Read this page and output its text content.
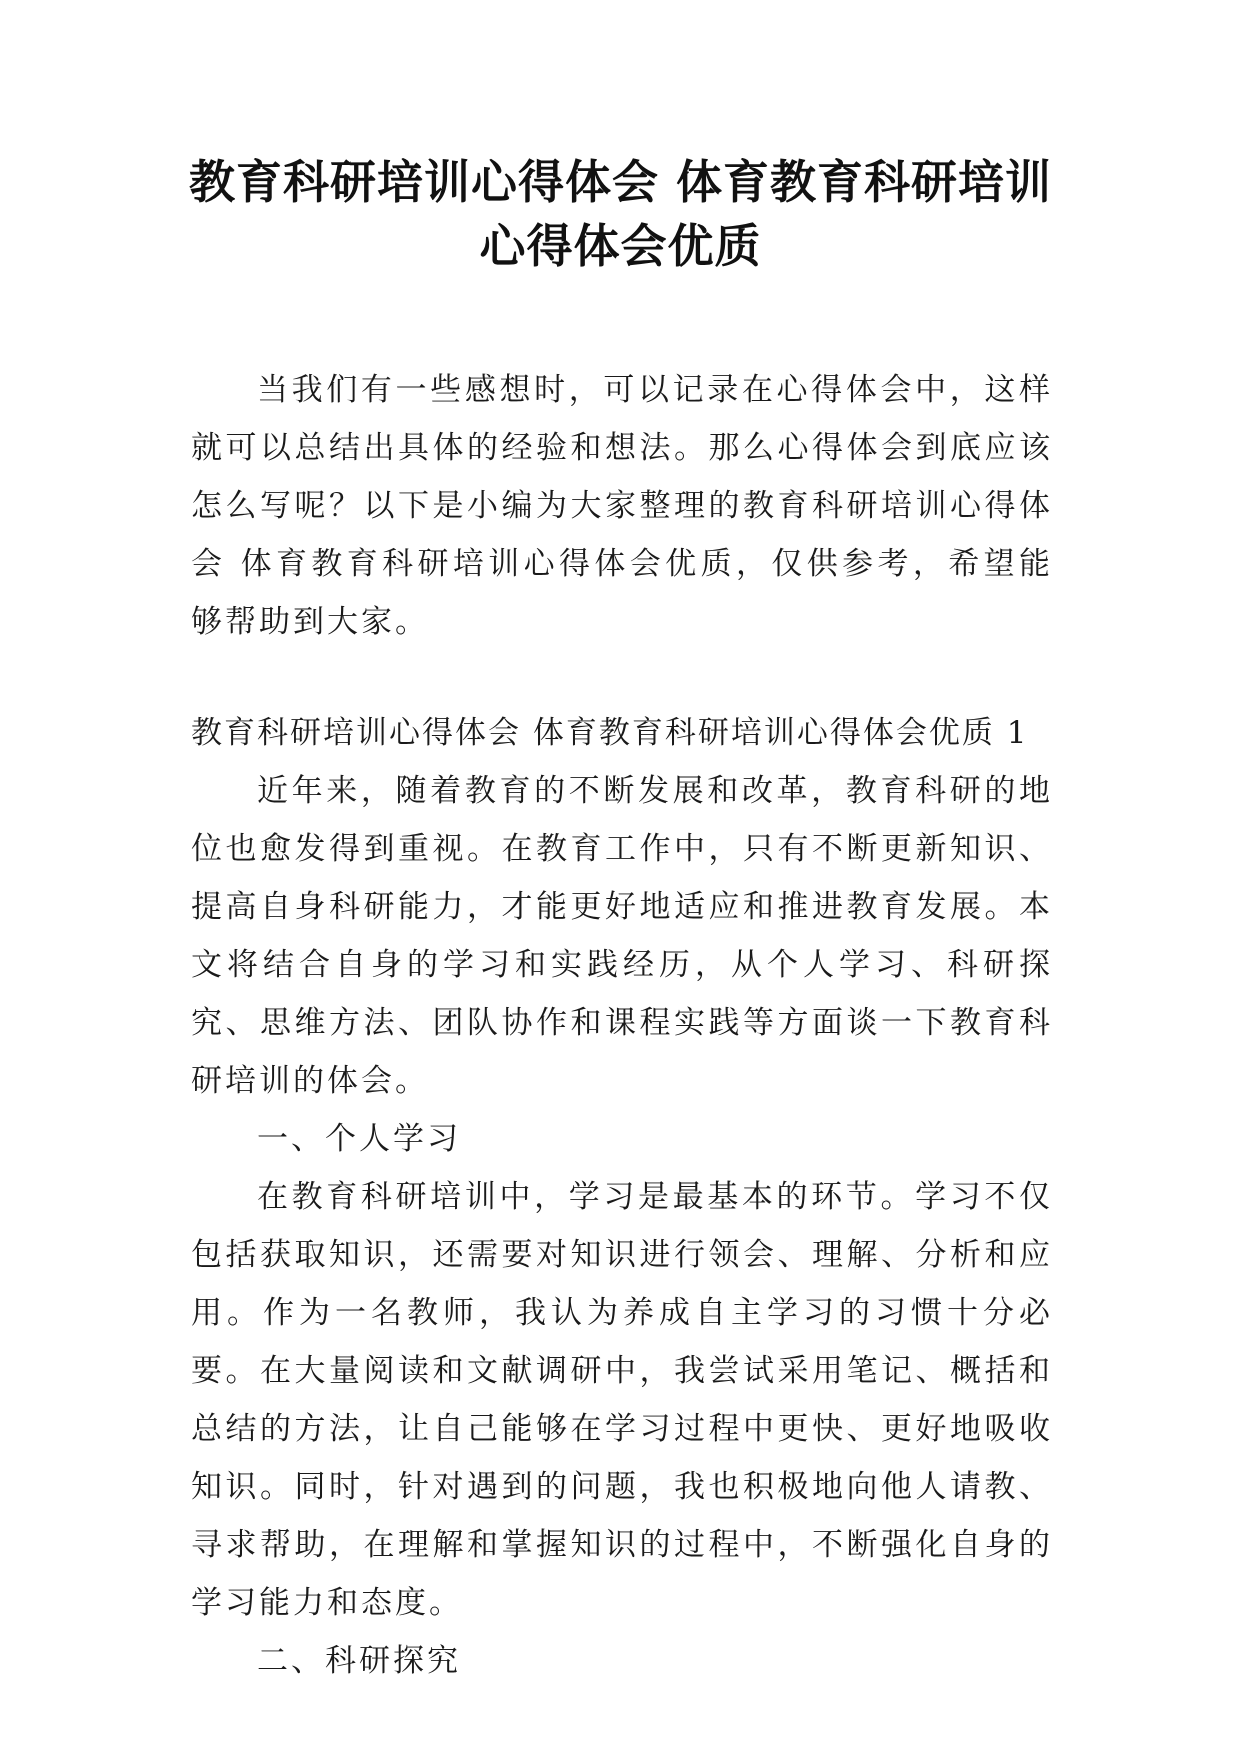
教育科研培训心得体会 体育教育科研培训
心得体会优质

当我们有一些感想时，可以记录在心得体会中，这样就可以总结出具体的经验和想法。那么心得体会到底应该怎么写呢？以下是小编为大家整理的教育科研培训心得体会 体育教育科研培训心得体会优质，仅供参考，希望能够帮助到大家。

教育科研培训心得体会 体育教育科研培训心得体会优质 1

近年来，随着教育的不断发展和改革，教育科研的地位也愈发得到重视。在教育工作中，只有不断更新知识、提高自身科研能力，才能更好地适应和推进教育发展。本文将结合自身的学习和实践经历，从个人学习、科研探究、思维方法、团队协作和课程实践等方面谈一下教育科研培训的体会。

一、个人学习

在教育科研培训中，学习是最基本的环节。学习不仅包括获取知识，还需要对知识进行领会、理解、分析和应用。作为一名教师，我认为养成自主学习的习惯十分必要。在大量阅读和文献调研中，我尝试采用笔记、概括和总结的方法，让自己能够在学习过程中更快、更好地吸收知识。同时，针对遇到的问题，我也积极地向他人请教、寻求帮助，在理解和掌握知识的过程中，不断强化自身的学习能力和态度。

二、科研探究
